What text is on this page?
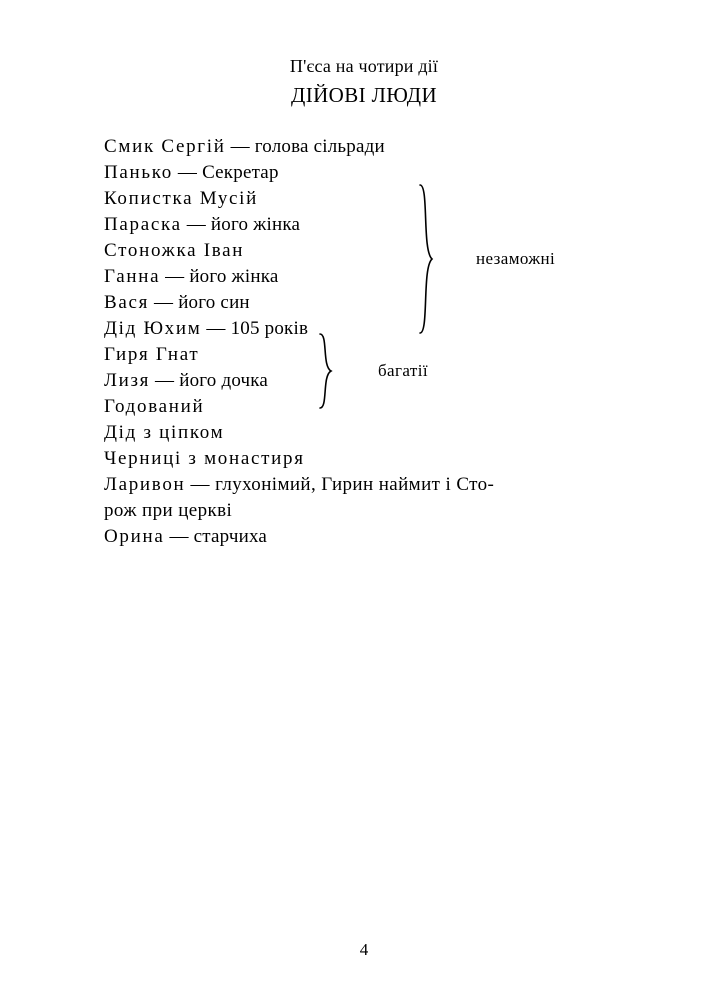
П'єса на чотири дії

ДІЙОВІ ЛЮДИ

Смик Сергій — голова сільради
Панько — Секретар
Копистка Мусій
Параска — його жінка
Стоножка Іван
Ганна — його жінка
Вася — його син
Дід Юхим — 105 років
Гиря Гнат
Лизя — його дочка
Годований
Дід з ціпком
Черниці з монастиря
Ларивон — глухонімий, Гирин наймит і Сто-
рож при церкві
Орина — старчиха
незаможні
багатії
4
